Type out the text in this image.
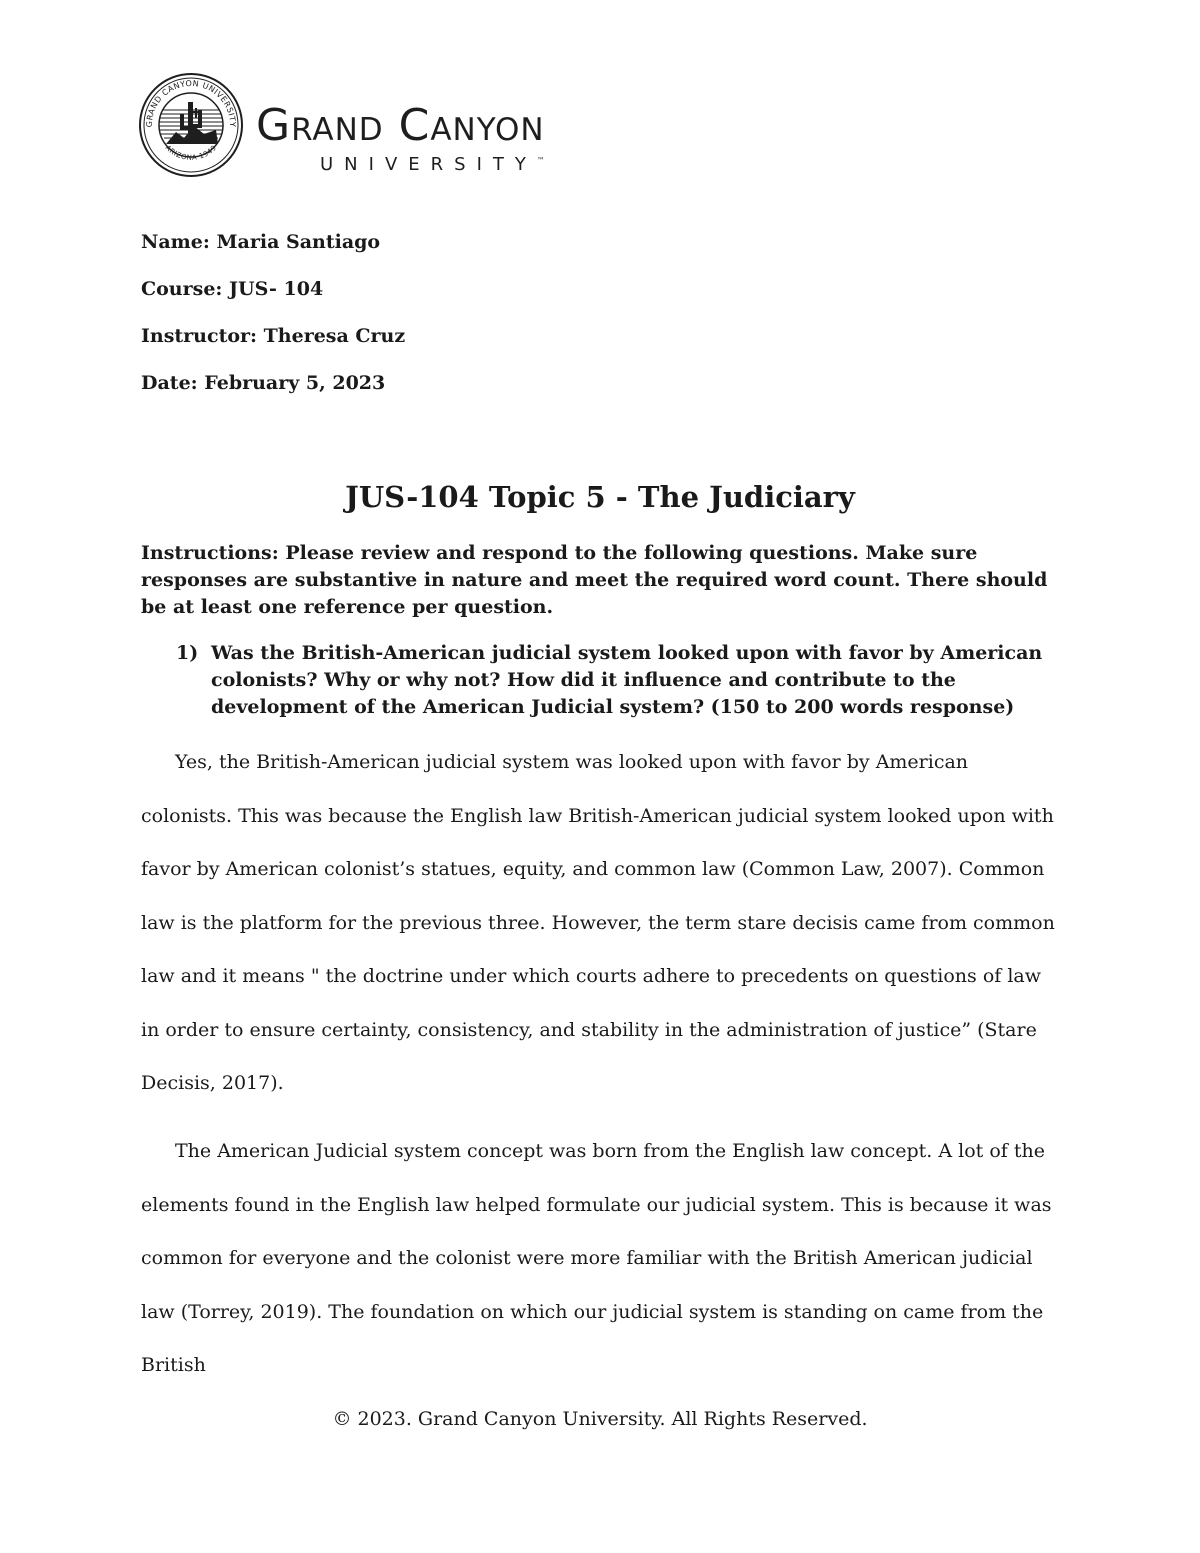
GRAND CANYON UNIVERSITY
ARIZONA 1949 Grand Canyon
UNIVERSITY™
Name: Maria Santiago
Course: JUS- 104
Instructor: Theresa Cruz
Date: February 5, 2023
JUS-104 Topic 5 - The Judiciary
Instructions: Please review and respond to the following questions. Make sure responses are substantive in nature and meet the required word count. There should be at least one reference per question.
1) Was the British-American judicial system looked upon with favor by American colonists? Why or why not? How did it influence and contribute to the development of the American Judicial system? (150 to 200 words response)
Yes, the British-American judicial system was looked upon with favor by American colonists. This was because the English law British-American judicial system looked upon with favor by American colonist’s statues, equity, and common law (Common Law, 2007). Common law is the platform for the previous three. However, the term stare decisis came from common law and it means " the doctrine under which courts adhere to precedents on questions of law in order to ensure certainty, consistency, and stability in the administration of justice” (Stare Decisis, 2017).
The American Judicial system concept was born from the English law concept. A lot of the elements found in the English law helped formulate our judicial system. This is because it was common for everyone and the colonist were more familiar with the British American judicial law (Torrey, 2019). The foundation on which our judicial system is standing on came from the British
© 2023. Grand Canyon University. All Rights Reserved.
